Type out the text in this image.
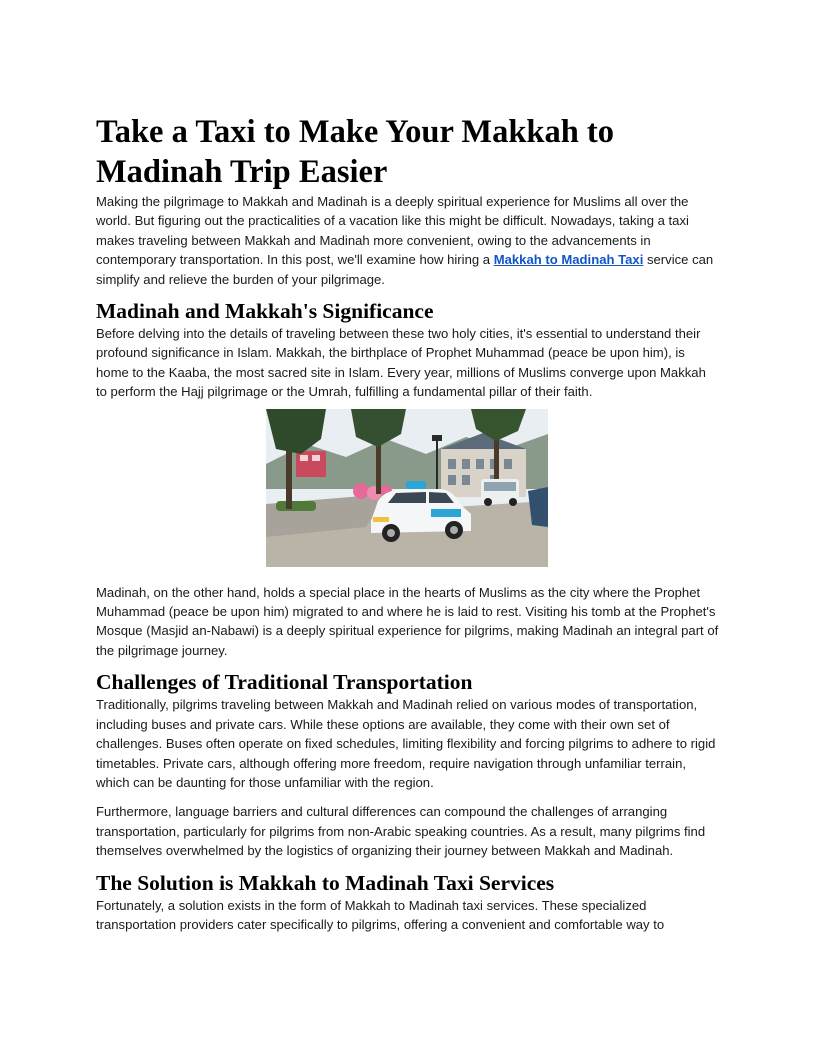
Take a Taxi to Make Your Makkah to Madinah Trip Easier

Making the pilgrimage to Makkah and Madinah is a deeply spiritual experience for Muslims all over the world. But figuring out the practicalities of a vacation like this might be difficult. Nowadays, taking a taxi makes traveling between Makkah and Madinah more convenient, owing to the advancements in contemporary transportation. In this post, we'll examine how hiring a Makkah to Madinah Taxi service can simplify and relieve the burden of your pilgrimage.

Madinah and Makkah's Significance

Before delving into the details of traveling between these two holy cities, it's essential to understand their profound significance in Islam. Makkah, the birthplace of Prophet Muhammad (peace be upon him), is home to the Kaaba, the most sacred site in Islam. Every year, millions of Muslims converge upon Makkah to perform the Hajj pilgrimage or the Umrah, fulfilling a fundamental pillar of their faith.

Madinah, on the other hand, holds a special place in the hearts of Muslims as the city where the Prophet Muhammad (peace be upon him) migrated to and where he is laid to rest. Visiting his tomb at the Prophet's Mosque (Masjid an-Nabawi) is a deeply spiritual experience for pilgrims, making Madinah an integral part of the pilgrimage journey.

Challenges of Traditional Transportation

Traditionally, pilgrims traveling between Makkah and Madinah relied on various modes of transportation, including buses and private cars. While these options are available, they come with their own set of challenges. Buses often operate on fixed schedules, limiting flexibility and forcing pilgrims to adhere to rigid timetables. Private cars, although offering more freedom, require navigation through unfamiliar terrain, which can be daunting for those unfamiliar with the region.

Furthermore, language barriers and cultural differences can compound the challenges of arranging transportation, particularly for pilgrims from non-Arabic speaking countries. As a result, many pilgrims find themselves overwhelmed by the logistics of organizing their journey between Makkah and Madinah.

The Solution is Makkah to Madinah Taxi Services

Fortunately, a solution exists in the form of Makkah to Madinah taxi services. These specialized transportation providers cater specifically to pilgrims, offering a convenient and comfortable way to
